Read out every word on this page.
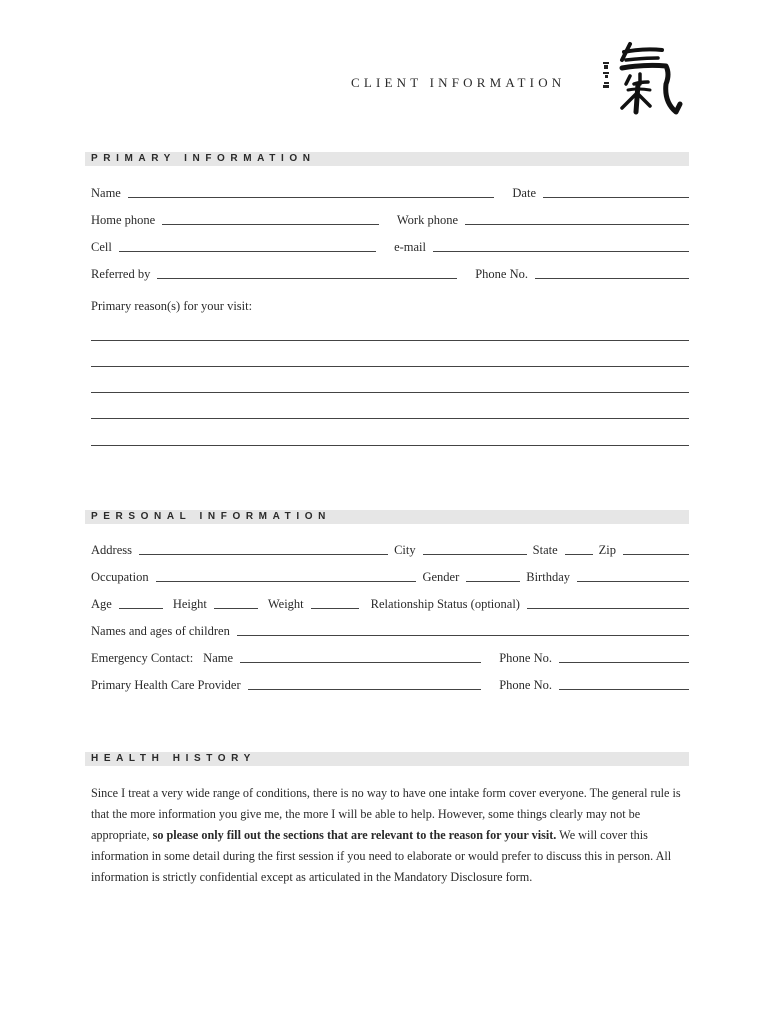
CLIENT INFORMATION
PRIMARY INFORMATION
Name	Date
Home phone	Work phone
Cell	e-mail
Referred by	Phone No.
Primary reason(s) for your visit:
PERSONAL INFORMATION
Address	City	State	Zip
Occupation	Gender	Birthday
Age	Height	Weight	Relationship Status (optional)
Names and ages of children
Emergency Contact: Name	Phone No.
Primary Health Care Provider	Phone No.
HEALTH HISTORY
Since I treat a very wide range of conditions, there is no way to have one intake form cover everyone. The general rule is that the more information you give me, the more I will be able to help. However, some things clearly may not be appropriate, so please only fill out the sections that are relevant to the reason for your visit. We will cover this information in some detail during the first session if you need to elaborate or would prefer to discuss this in person. All information is strictly confidential except as articulated in the Mandatory Disclosure form.
